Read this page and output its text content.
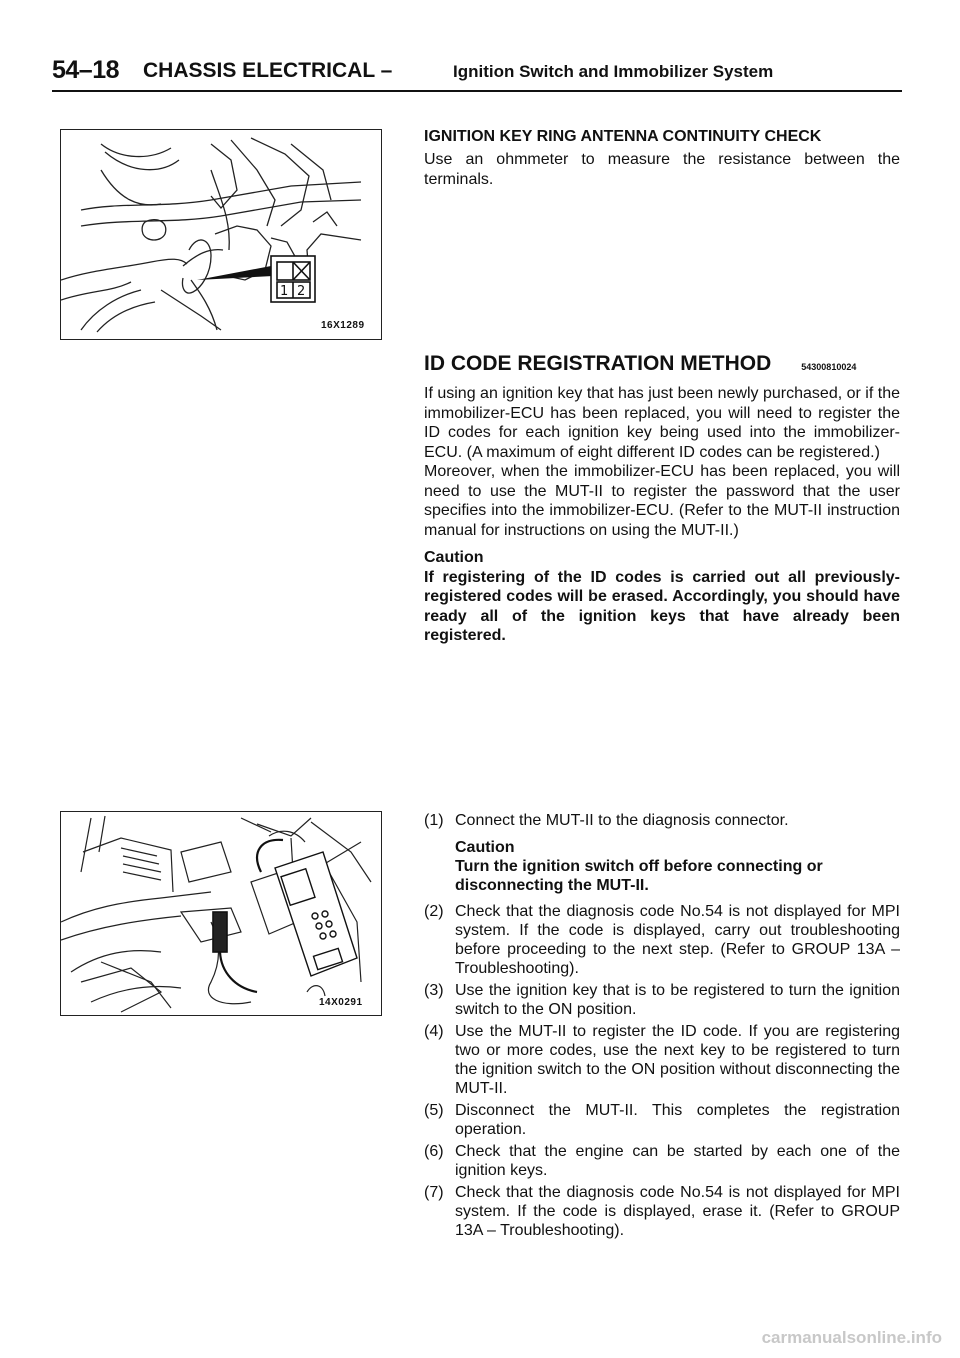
54–18 CHASSIS ELECTRICAL –	Ignition Switch and Immobilizer System
1 2
16X1289
14X0291
IGNITION KEY RING ANTENNA CONTINUITY CHECK
Use an ohmmeter to measure the resistance between the terminals.
ID CODE REGISTRATION METHOD	54300810024
If using an ignition key that has just been newly purchased, or if the immobilizer-ECU has been replaced, you will need to register the ID codes for each ignition key being used into the immobilizer-ECU. (A maximum of eight different ID codes can be registered.)
Moreover, when the immobilizer-ECU has been replaced, you will need to use the MUT-II to register the password that the user specifies into the immobilizer-ECU. (Refer to the MUT-II instruction manual for instructions on using the MUT-II.)
Caution
If registering of the ID codes is carried out all previously-registered codes will be erased. Accordingly, you should have ready all of the ignition keys that have already been registered.
(1) Connect the MUT-II to the diagnosis connector.
Caution
Turn the ignition switch off before connecting or disconnecting the MUT-II.
(2) Check that the diagnosis code No.54 is not displayed for MPI system. If the code is displayed, carry out troubleshooting before proceeding to the next step. (Refer to GROUP 13A – Troubleshooting).
(3) Use the ignition key that is to be registered to turn the ignition switch to the ON position.
(4) Use the MUT-II to register the ID code. If you are registering two or more codes, use the next key to be registered to turn the ignition switch to the ON position without disconnecting the MUT-II.
(5) Disconnect the MUT-II. This completes the registration operation.
(6) Check that the engine can be started by each one of the ignition keys.
(7) Check that the diagnosis code No.54 is not displayed for MPI system. If the code is displayed, erase it. (Refer to GROUP 13A – Troubleshooting).
carmanualsonline.info
